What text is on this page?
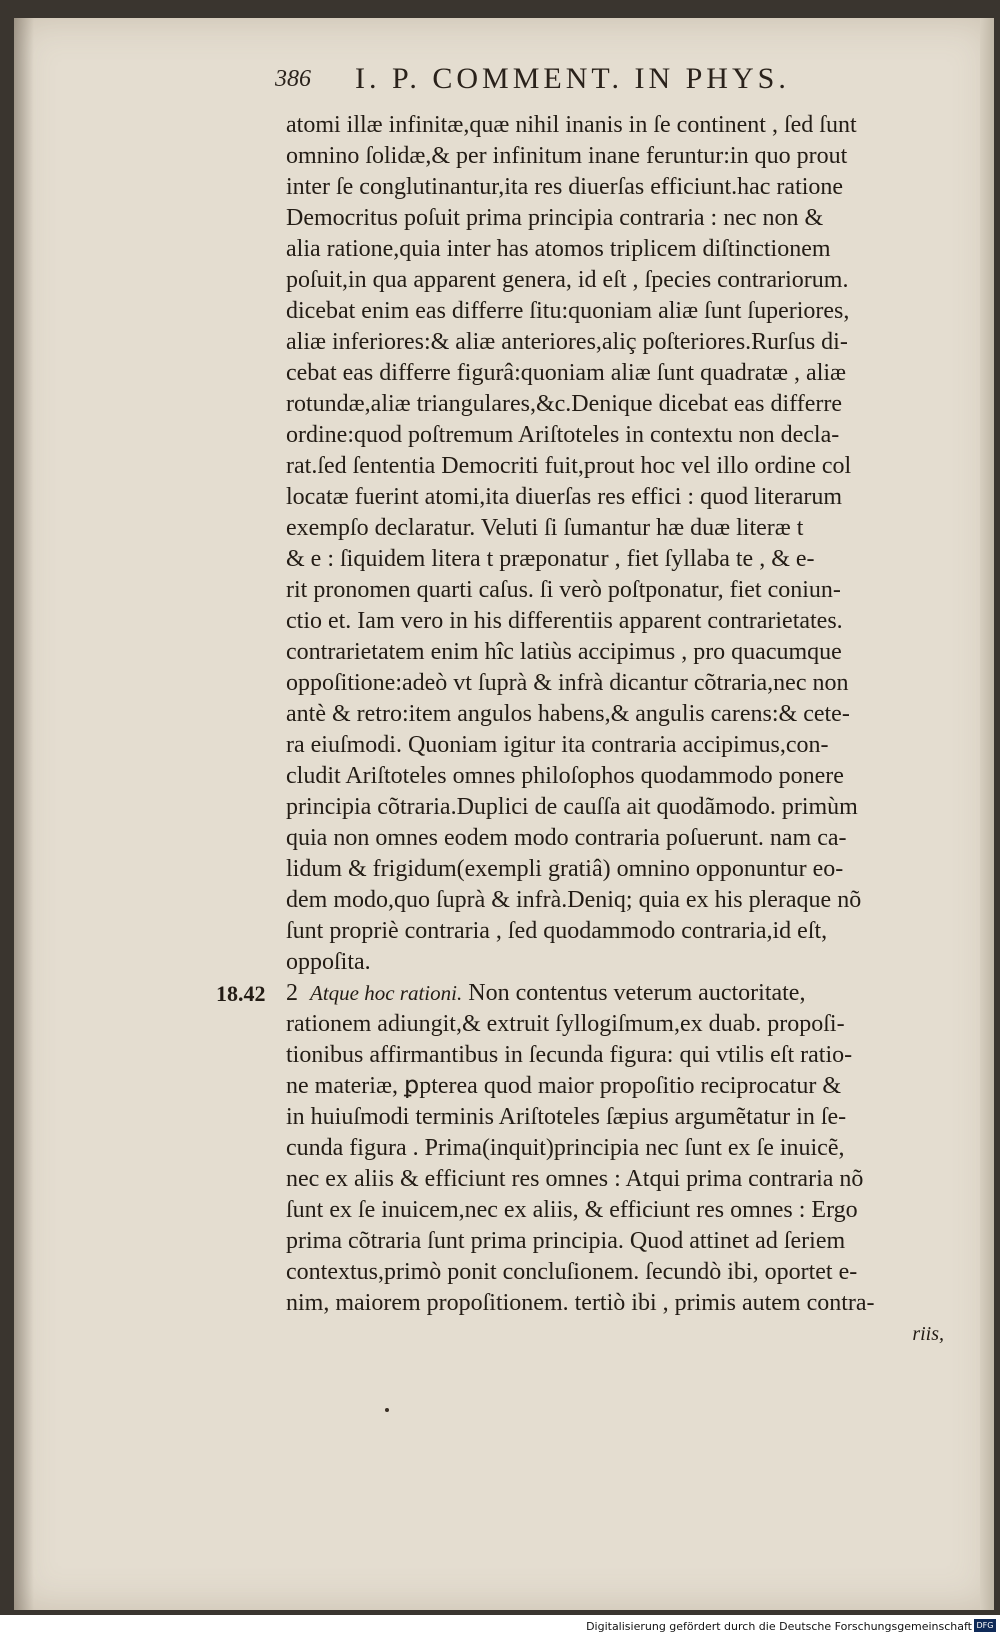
386 I. P. COMMENT. IN PHYS.
atomi illæ infinitæ,quæ nihil inanis in ſe continent , ſed ſunt
omnino ſolidæ,& per infinitum inane feruntur:in quo prout
inter ſe conglutinantur,ita res diuerſas efficiunt.hac ratione
Democritus poſuit prima principia contraria : nec non &
alia ratione,quia inter has atomos triplicem diſtinctionem
poſuit,in qua apparent genera, id eſt , ſpecies contrariorum.
dicebat enim eas differre ſitu:quoniam aliæ ſunt ſuperiores,
aliæ inferiores:& aliæ anteriores,aliç poſteriores.Rurſus di-
cebat eas differre figurâ:quoniam aliæ ſunt quadratæ , aliæ
rotundæ,aliæ triangulares,&c.Denique dicebat eas differre
ordine:quod poſtremum Ariſtoteles in contextu non decla-
rat.ſed ſententia Democriti fuit,prout hoc vel illo ordine col
locatæ fuerint atomi,ita diuerſas res effici : quod literarum
exempſo declaratur. Veluti ſi ſumantur hæ duæ literæ t
& e : ſiquidem litera t præponatur , fiet ſyllaba te , & e-
rit pronomen quarti caſus. ſi verò poſtponatur, fiet coniun-
ctio et. Iam vero in his differentiis apparent contrarietates.
contrarietatem enim hîc latiùs accipimus , pro quacumque
oppoſitione:adeò vt ſuprà & infrà dicantur cõtraria,nec non
antè & retro:item angulos habens,& angulis carens:& cete-
ra eiuſmodi. Quoniam igitur ita contraria accipimus,con-
cludit Ariſtoteles omnes philoſophos quodammodo ponere
principia cõtraria.Duplici de cauſſa ait quodãmodo. primùm
quia non omnes eodem modo contraria poſuerunt. nam ca-
lidum & frigidum(exempli gratiâ) omnino opponuntur eo-
dem modo,quo ſuprà & infrà.Deniq; quia ex his pleraque nõ
ſunt propriè contraria , ſed quodammodo contraria,id eſt,
oppoſita.
18.42 2 Atque hoc rationi. Non contentus veterum auctoritate,
rationem adiungit,& extruit ſyllogiſmum,ex duab. propoſi-
tionibus affirmantibus in ſecunda figura: qui vtilis eſt ratio-
ne materiæ, ꝑpterea quod maior propoſitio reciprocatur &
in huiuſmodi terminis Ariſtoteles ſæpius argumẽtatur in ſe-
cunda figura . Prima(inquit)principia nec ſunt ex ſe inuicẽ,
nec ex aliis & efficiunt res omnes : Atqui prima contraria nõ
ſunt ex ſe inuicem,nec ex aliis, & efficiunt res omnes : Ergo
prima cõtraria ſunt prima principia. Quod attinet ad ſeriem
contextus,primò ponit concluſionem. ſecundò ibi, oportet e-
nim, maiorem propoſitionem. tertiò ibi , primis autem contra-
riis,
Digitalisierung gefördert durch die Deutsche Forschungsgemeinschaft DFG
